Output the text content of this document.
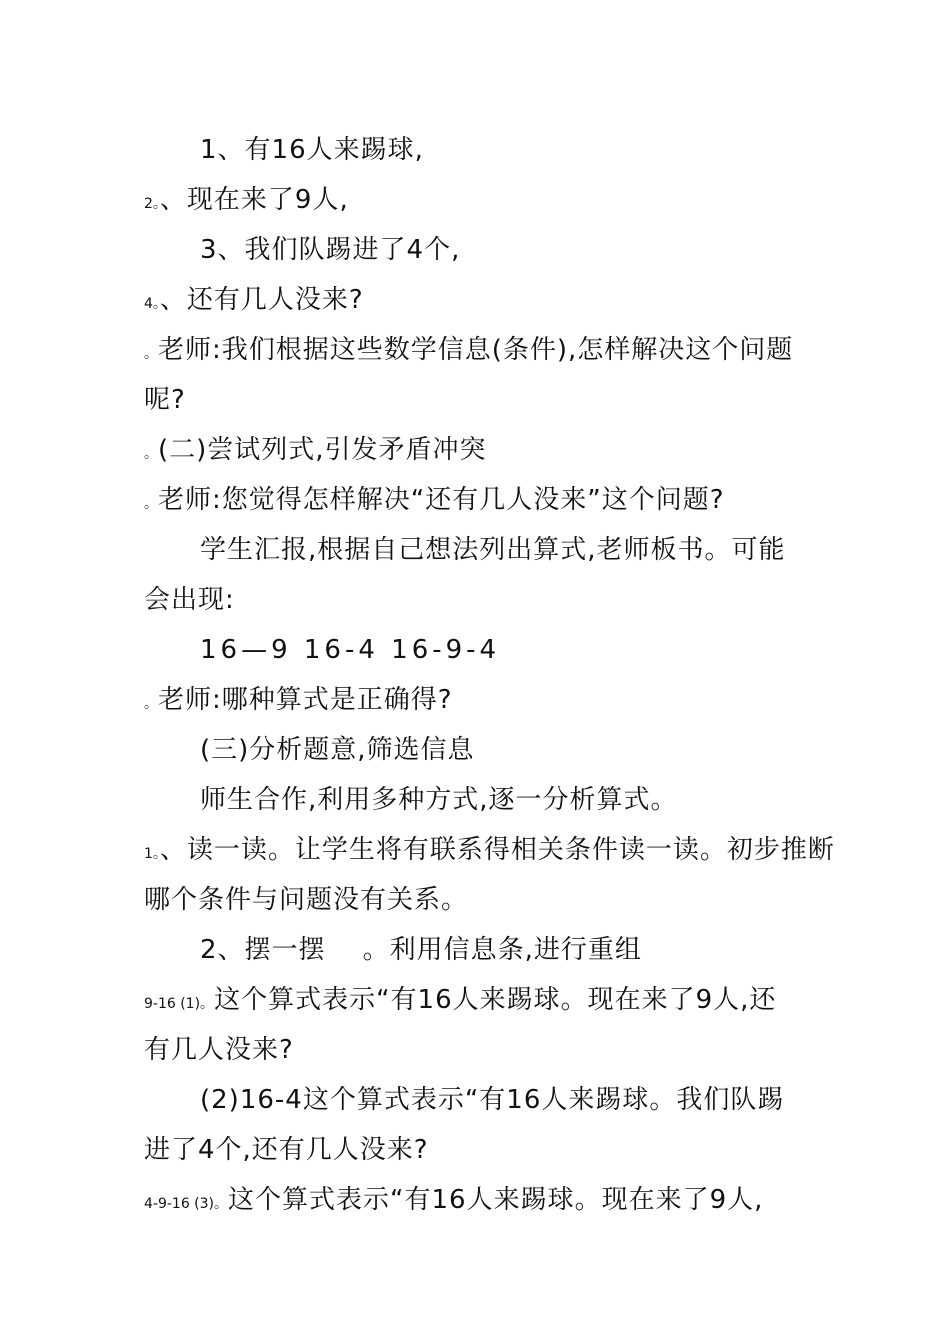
1、有16人来踢球,
2。、现在来了9人,
3、我们队踢进了4个,
4。、还有几人没来?
。老师:我们根据这些数学信息(条件),怎样解决这个问题
呢?
。(二)尝试列式,引发矛盾冲突
。老师:您觉得怎样解决“还有几人没来”这个问题?
学生汇报,根据自己想法列出算式,老师板书。可能
会出现:
16—9 16-4 16-9-4
。老师:哪种算式是正确得?
(三)分析题意,筛选信息
师生合作,利用多种方式,逐一分析算式。
1。、读一读。让学生将有联系得相关条件读一读。初步推断
哪个条件与问题没有关系。
2、摆一摆    。利用信息条,进行重组
9-16 (1)。这个算式表示“有16人来踢球。现在来了9人,还
有几人没来?
(2)16-4这个算式表示“有16人来踢球。我们队踢
进了4个,还有几人没来?
4-9-16 (3)。这个算式表示“有16人来踢球。现在来了9人,
